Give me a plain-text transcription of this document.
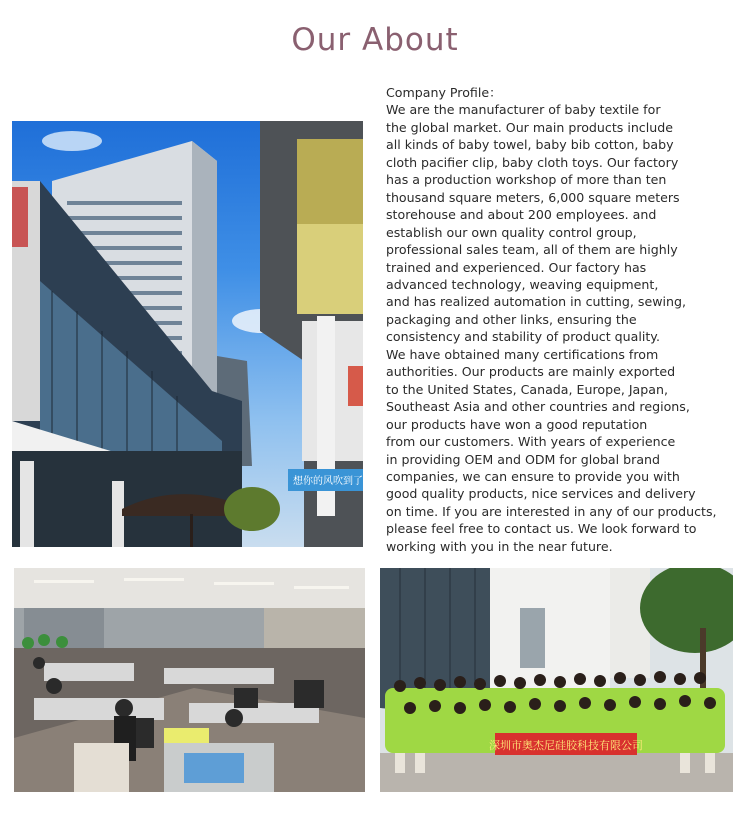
Our About
想你的风吹到了
Company Profile：
We are the manufacturer of baby textile for
the global market. Our main products include
all kinds of baby towel, baby bib cotton, baby
cloth pacifier clip, baby cloth toys. Our factory
has a production workshop of more than ten
thousand square meters, 6,000 square meters
storehouse and about 200 employees. and
establish our own quality control group,
professional sales team, all of them are highly
trained and experienced. Our factory has
advanced technology, weaving equipment,
and has realized automation in cutting, sewing,
packaging and other links, ensuring the
consistency and stability of product quality.
We have obtained many certifications from
authorities. Our products are mainly exported
to the United States, Canada, Europe, Japan,
Southeast Asia and other countries and regions,
our products have won a good reputation
from our customers. With years of experience
in providing OEM and ODM for global brand
companies, we can ensure to provide you with
good quality products, nice services and delivery
on time. If you are interested in any of our products,
please feel free to contact us. We look forward to
working with you in the near future.
深圳市奥杰尼硅胶科技有限公司
